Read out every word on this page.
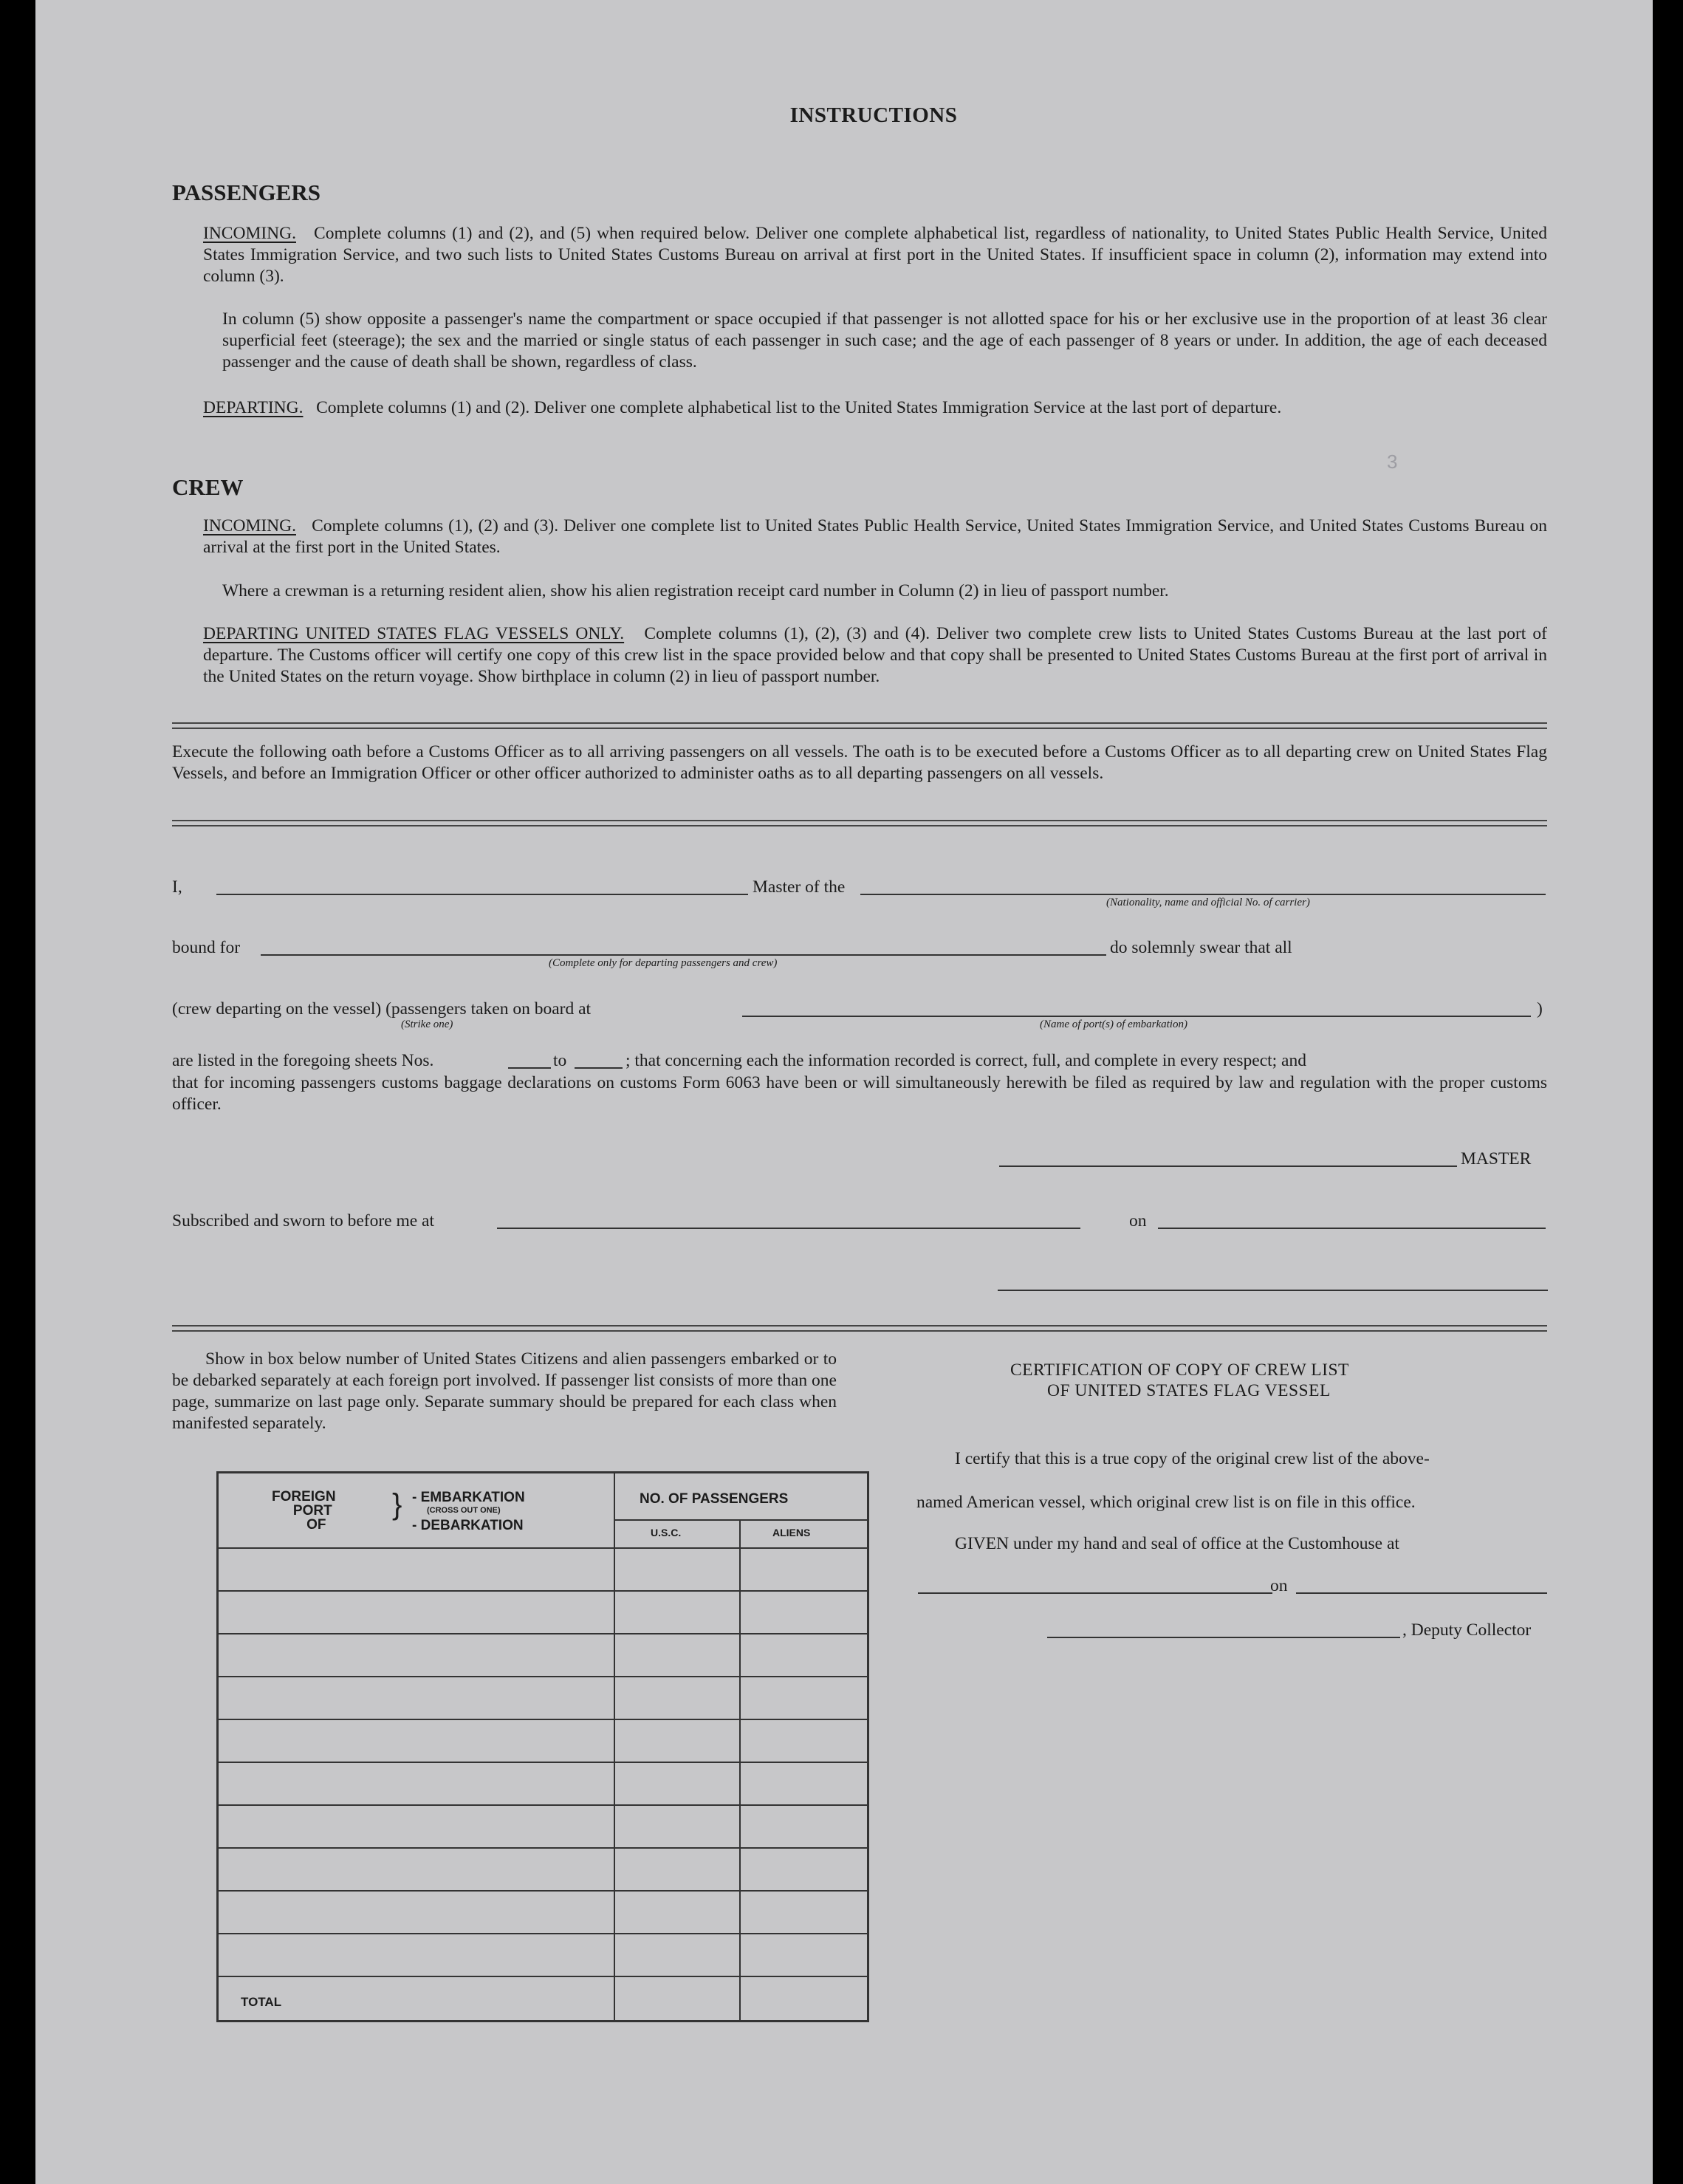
3
INSTRUCTIONS
PASSENGERS
INCOMING. Complete columns (1) and (2), and (5) when required below. Deliver one complete alphabetical list, regardless of nationality, to United States Public Health Service, United States Immigration Service, and two such lists to United States Customs Bureau on arrival at first port in the United States. If insufficient space in column (2), information may extend into column (3).
In column (5) show opposite a passenger's name the compartment or space occupied if that passenger is not allotted space for his or her exclusive use in the proportion of at least 36 clear superficial feet (steerage); the sex and the married or single status of each passenger in such case; and the age of each passenger of 8 years or under. In addition, the age of each deceased passenger and the cause of death shall be shown, regardless of class.
DEPARTING. Complete columns (1) and (2). Deliver one complete alphabetical list to the United States Immigration Service at the last port of departure.
CREW
INCOMING. Complete columns (1), (2) and (3). Deliver one complete list to United States Public Health Service, United States Immigration Service, and United States Customs Bureau on arrival at the first port in the United States.
Where a crewman is a returning resident alien, show his alien registration receipt card number in Column (2) in lieu of passport number.
DEPARTING UNITED STATES FLAG VESSELS ONLY. Complete columns (1), (2), (3) and (4). Deliver two complete crew lists to United States Customs Bureau at the last port of departure. The Customs officer will certify one copy of this crew list in the space provided below and that copy shall be presented to United States Customs Bureau at the first port of arrival in the United States on the return voyage. Show birthplace in column (2) in lieu of passport number.
Execute the following oath before a Customs Officer as to all arriving passengers on all vessels. The oath is to be executed before a Customs Officer as to all departing crew on United States Flag Vessels, and before an Immigration Officer or other officer authorized to administer oaths as to all departing passengers on all vessels.
I,	Master of the
(Nationality, name and official No. of carrier)
bound for
(Complete only for departing passengers and crew)
do solemnly swear that all
(crew departing on the vessel) (passengers taken on board at	)
(Strike one)	(Name of port(s) of embarkation)
are listed in the foregoing sheets Nos.	to	; that concerning each the information recorded is correct, full, and complete in every respect; and
that for incoming passengers customs baggage declarations on customs Form 6063 have been or will simultaneously herewith be filed as required by law and regulation with the proper customs officer.
MASTER
Subscribed and sworn to before me at	on
Show in box below number of United States Citizens and alien passengers embarked or to be debarked separately at each foreign port involved. If passenger list consists of more than one page, summarize on last page only. Separate summary should be prepared for each class when manifested separately.
FOREIGN
PORT
OF
} - EMBARKATION
(CROSS OUT ONE)
- DEBARKATION
NO. OF PASSENGERS
U.S.C.	ALIENS
TOTAL
CERTIFICATION OF COPY OF CREW LIST
OF UNITED STATES FLAG VESSEL
I certify that this is a true copy of the original crew list of the above-
named American vessel, which original crew list is on file in this office.
GIVEN under my hand and seal of office at the Customhouse at
on
, Deputy Collector
